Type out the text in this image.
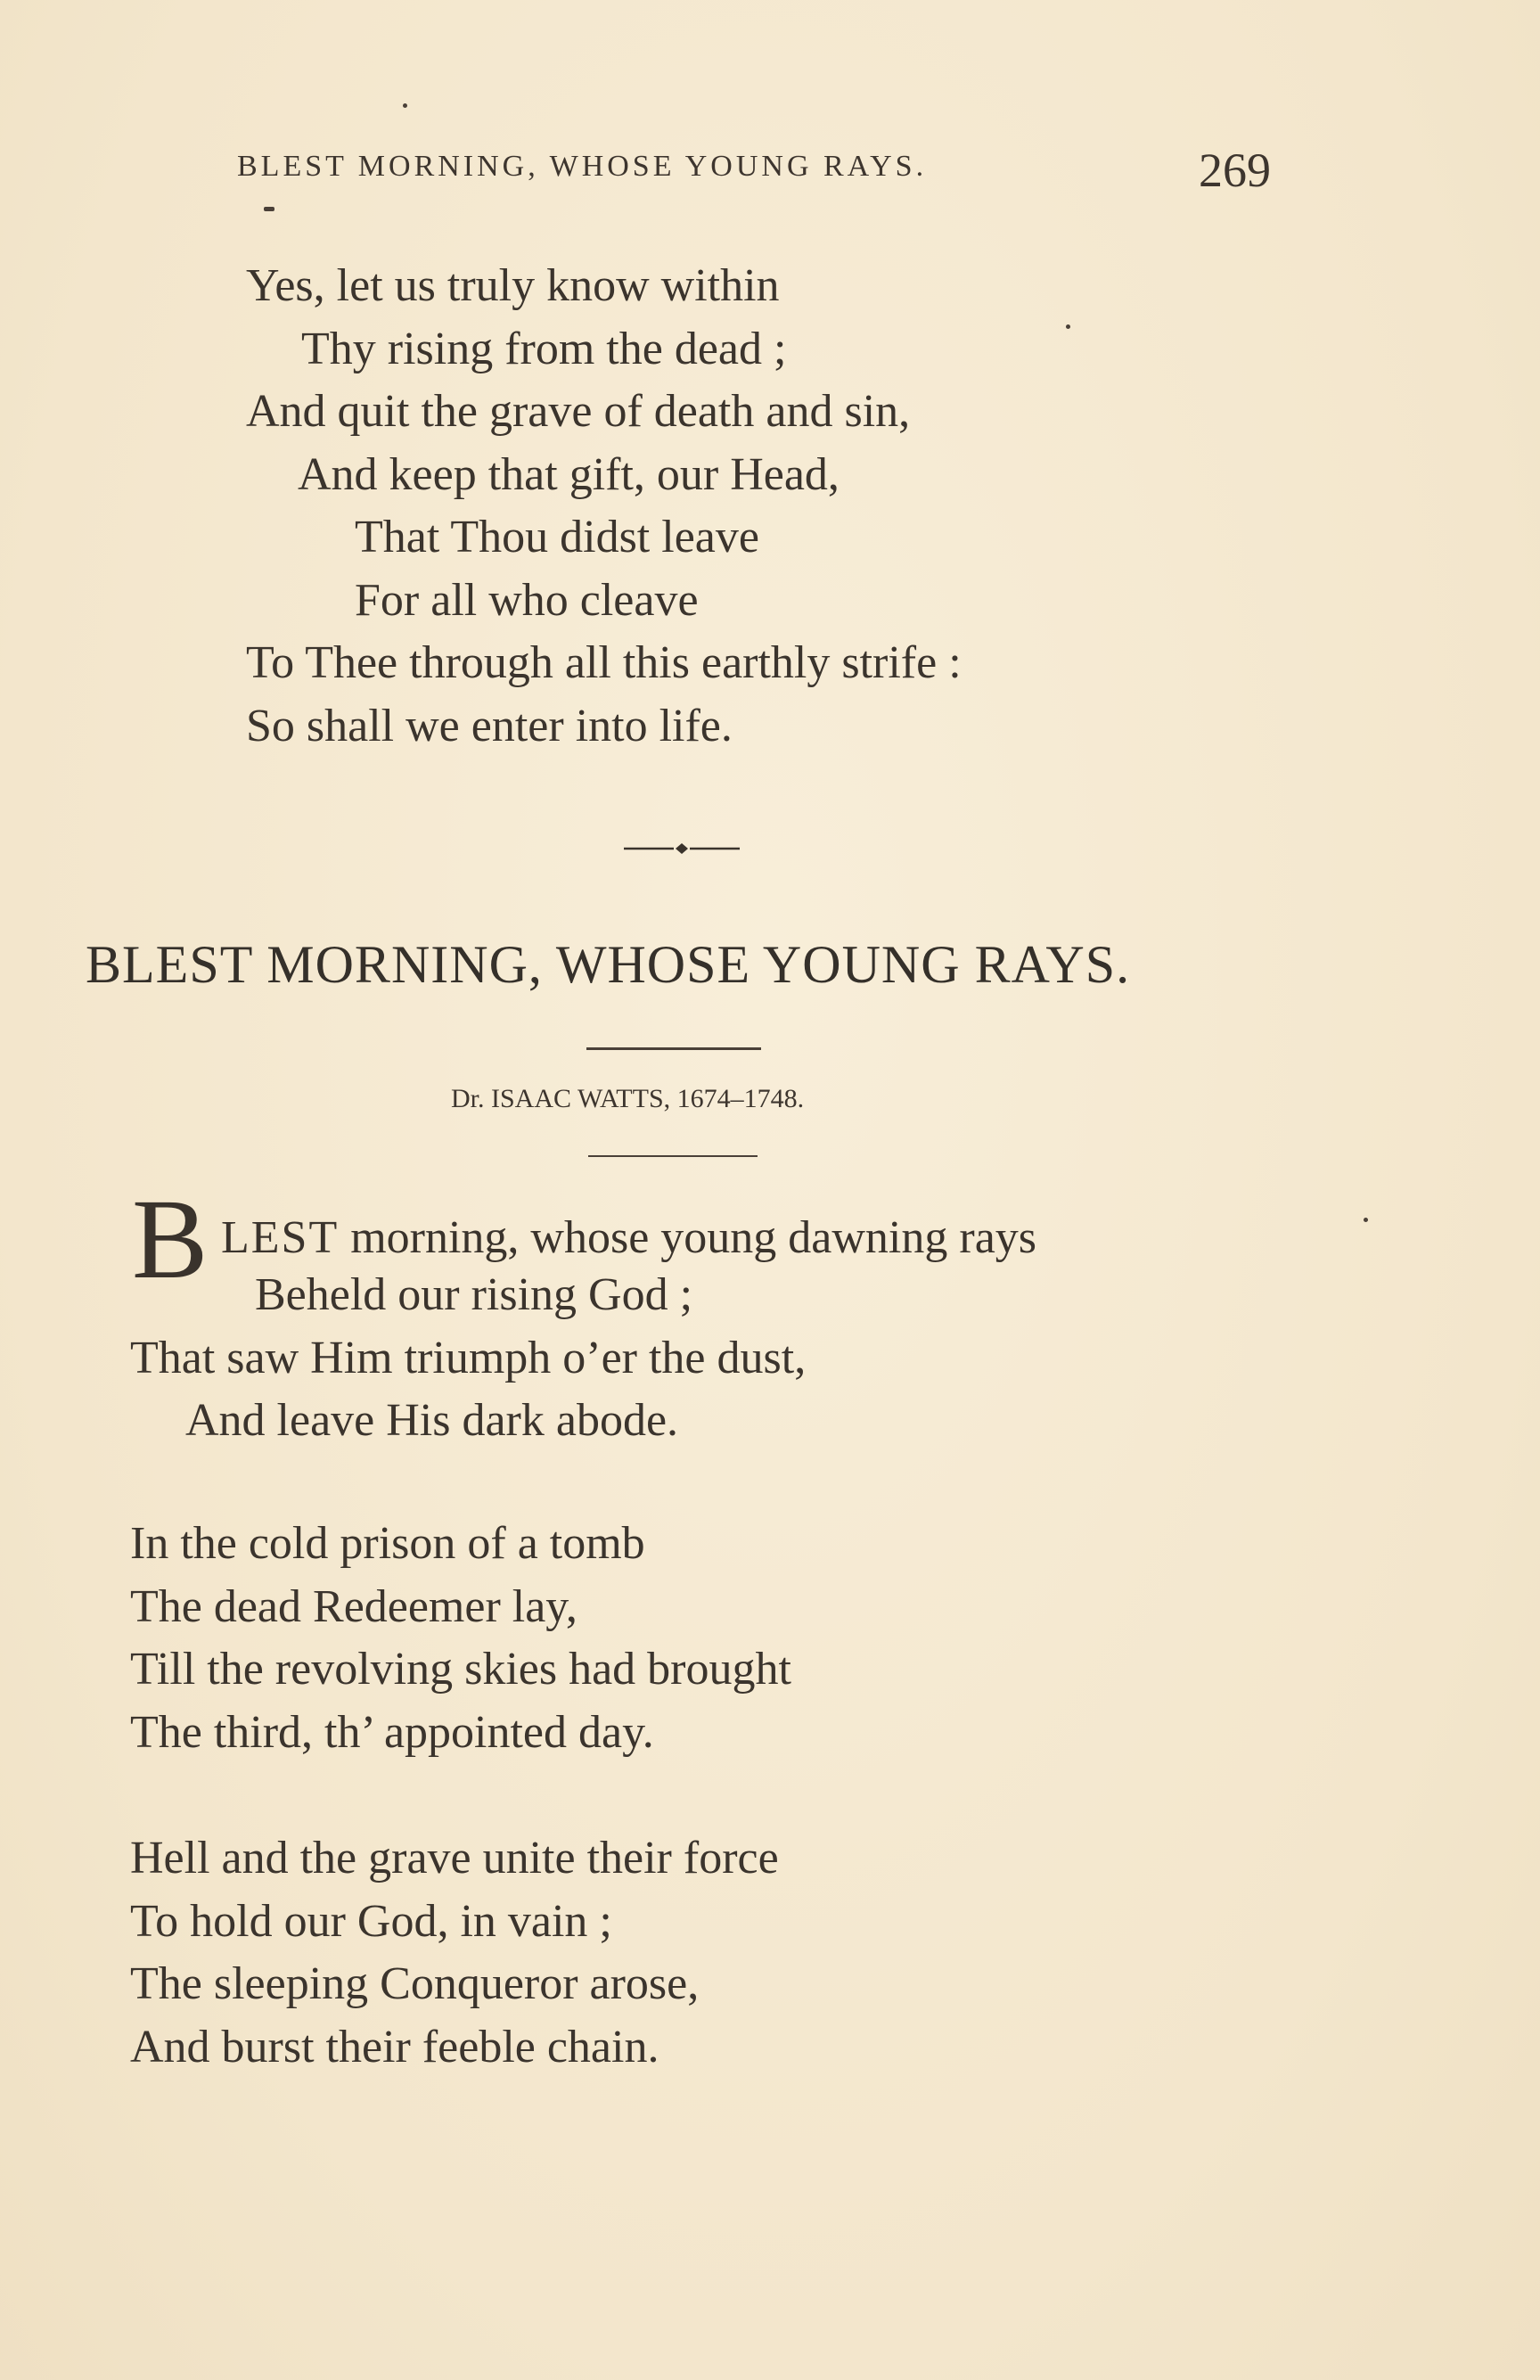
BLEST MORNING, WHOSE YOUNG RAYS.	269
Yes, let us truly know within
Thy rising from the dead ;
And quit the grave of death and sin,
And keep that gift, our Head,
That Thou didst leave
For all who cleave
To Thee through all this earthly strife :
So shall we enter into life.
BLEST MORNING, WHOSE YOUNG RAYS.
Dr. ISAAC WATTS, 1674–1748.
B LEST morning, whose young dawning rays
Beheld our rising God ;
That saw Him triumph o’er the dust,
And leave His dark abode.
In the cold prison of a tomb
The dead Redeemer lay,
Till the revolving skies had brought
The third, th’ appointed day.
Hell and the grave unite their force
To hold our God, in vain ;
The sleeping Conqueror arose,
And burst their feeble chain.
